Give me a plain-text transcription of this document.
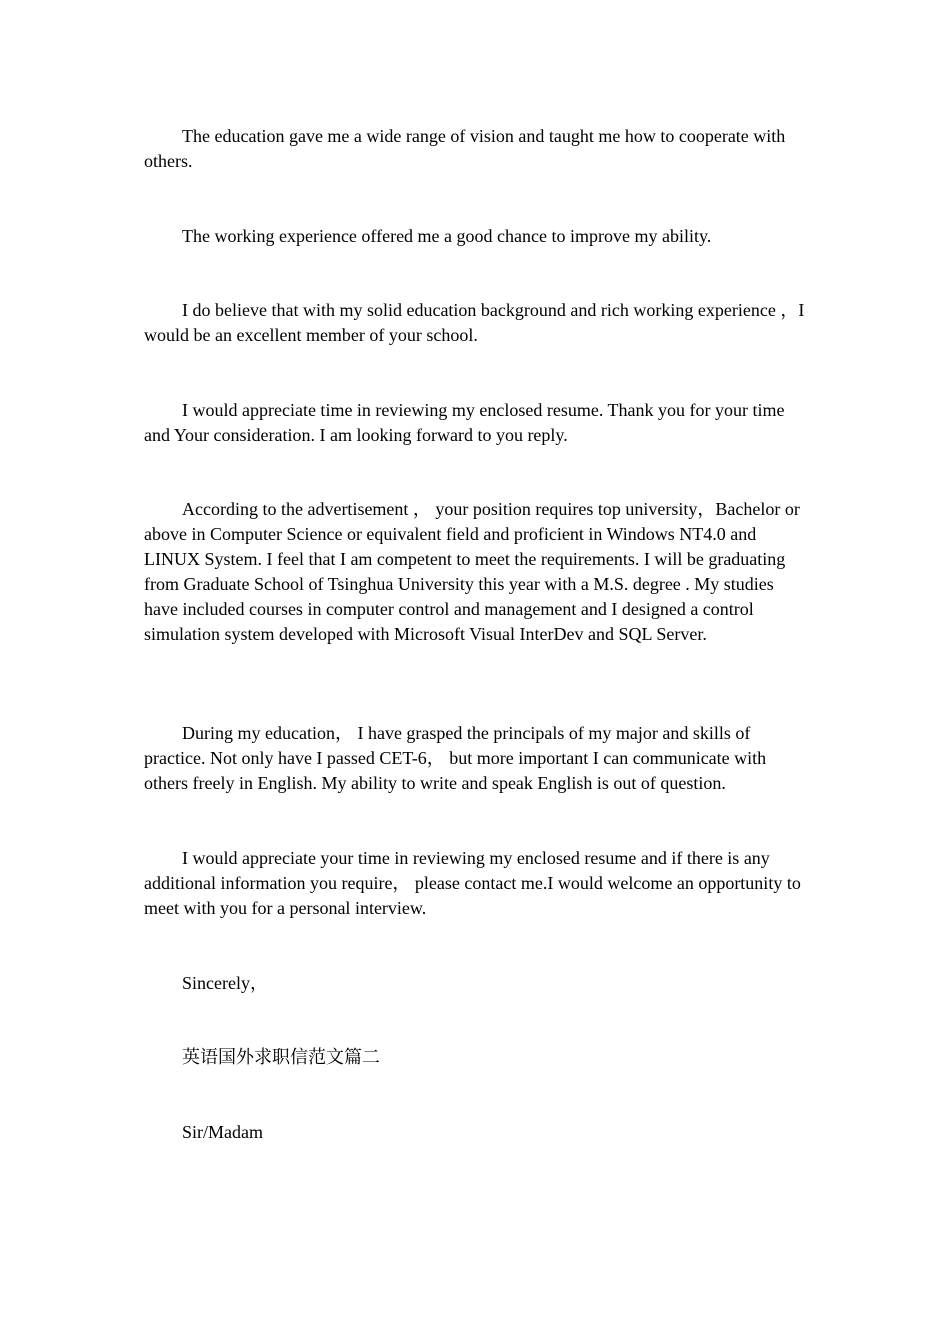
The education gave me a wide range of vision and taught me how to cooperate with others.

The working experience offered me a good chance to improve my ability.

I do believe that with my solid education background and rich working experience ，I would be an excellent member of your school.

I would appreciate time in reviewing my enclosed resume. Thank you for your time and Your consideration. I am looking forward to you reply.

According to the advertisement ， your position requires top university，Bachelor or above in Computer Science or equivalent field and proficient in Windows NT4.0 and LINUX System. I feel that I am competent to meet the requirements. I will be graduating from Graduate School of Tsinghua University this year with a M.S. degree . My studies have included courses in computer control and management and I designed a control simulation system developed with Microsoft Visual InterDev and SQL Server.

During my education， I have grasped the principals of my major and skills of practice. Not only have I passed CET-6， but more important I can communicate with others freely in English. My ability to write and speak English is out of question.

I would appreciate your time in reviewing my enclosed resume and if there is any additional information you require， please contact me.I would welcome an opportunity to meet with you for a personal interview.

Sincerely，

英语国外求职信范文篇二

Sir/Madam
